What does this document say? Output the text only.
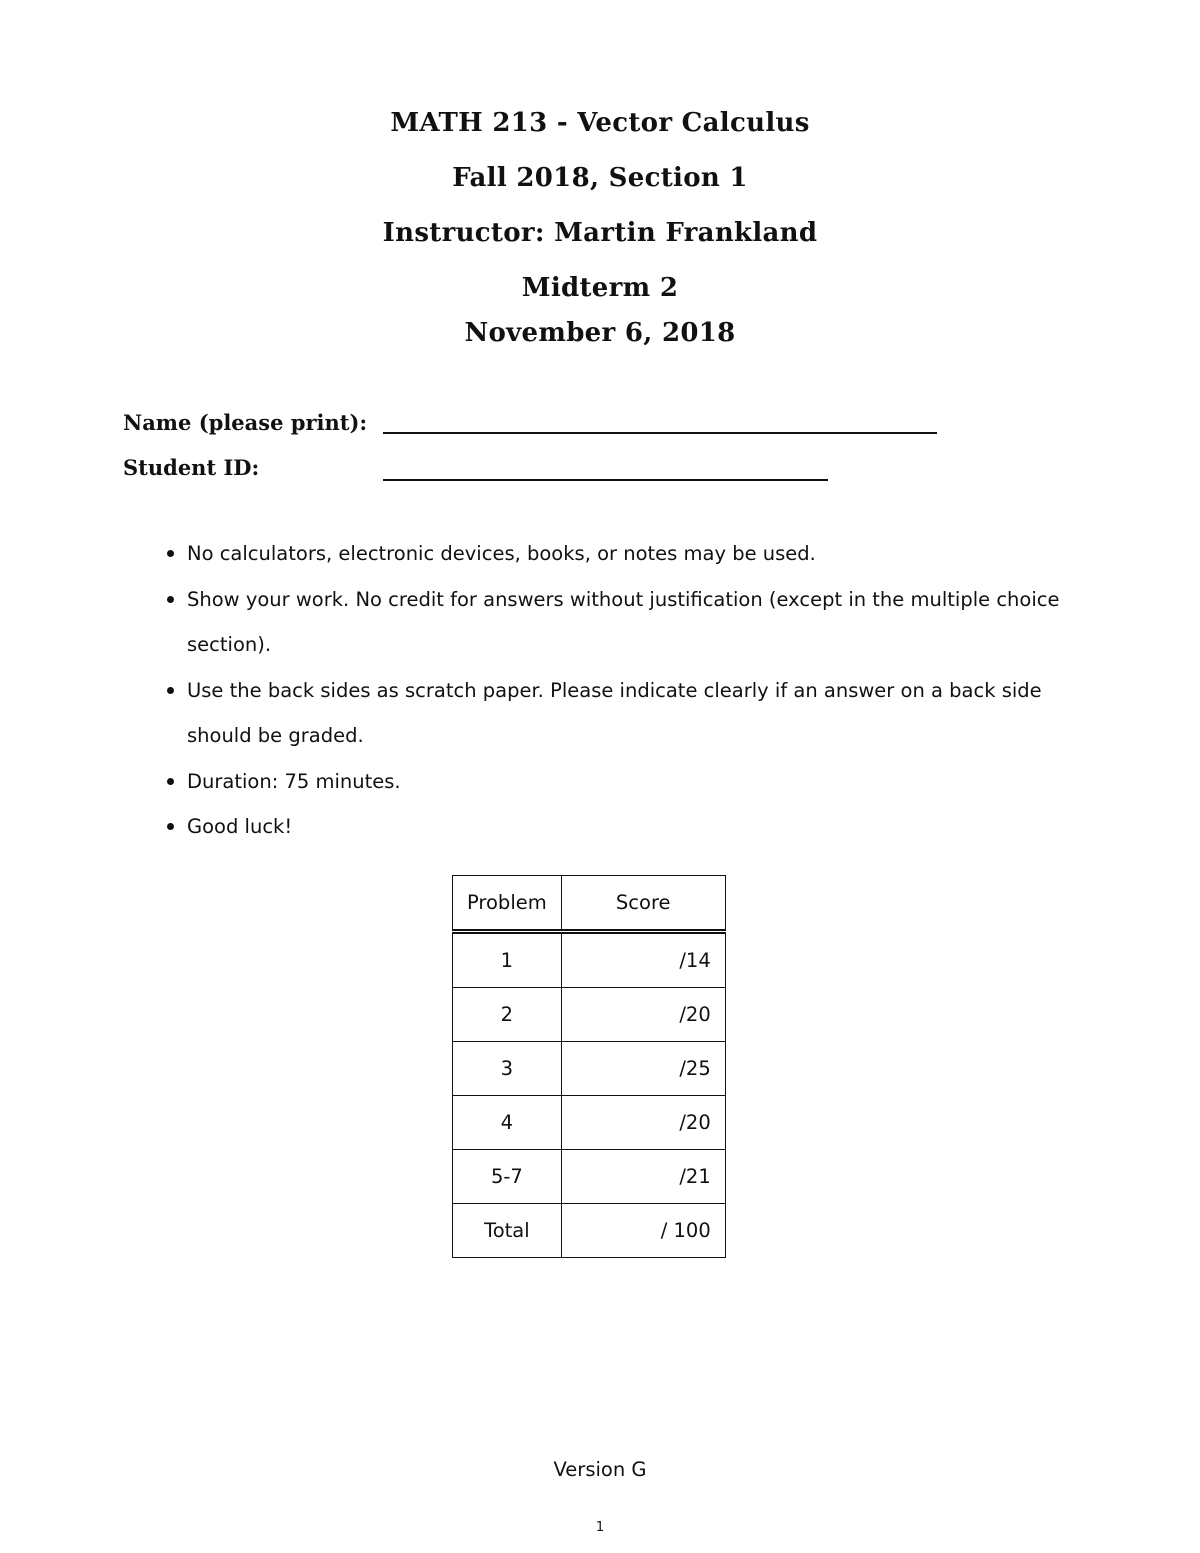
MATH 213 - Vector Calculus
Fall 2018, Section 1
Instructor: Martin Frankland
Midterm 2
November 6, 2018
Name (please print):
Student ID:
No calculators, electronic devices, books, or notes may be used.
Show your work. No credit for answers without justification (except in the multiple choice section).
Use the back sides as scratch paper. Please indicate clearly if an answer on a back side should be graded.
Duration: 75 minutes.
Good luck!
Problem	Score
1	/14
2	/20
3	/25
4	/20
5-7	/21
Total	/ 100
Version G
1
